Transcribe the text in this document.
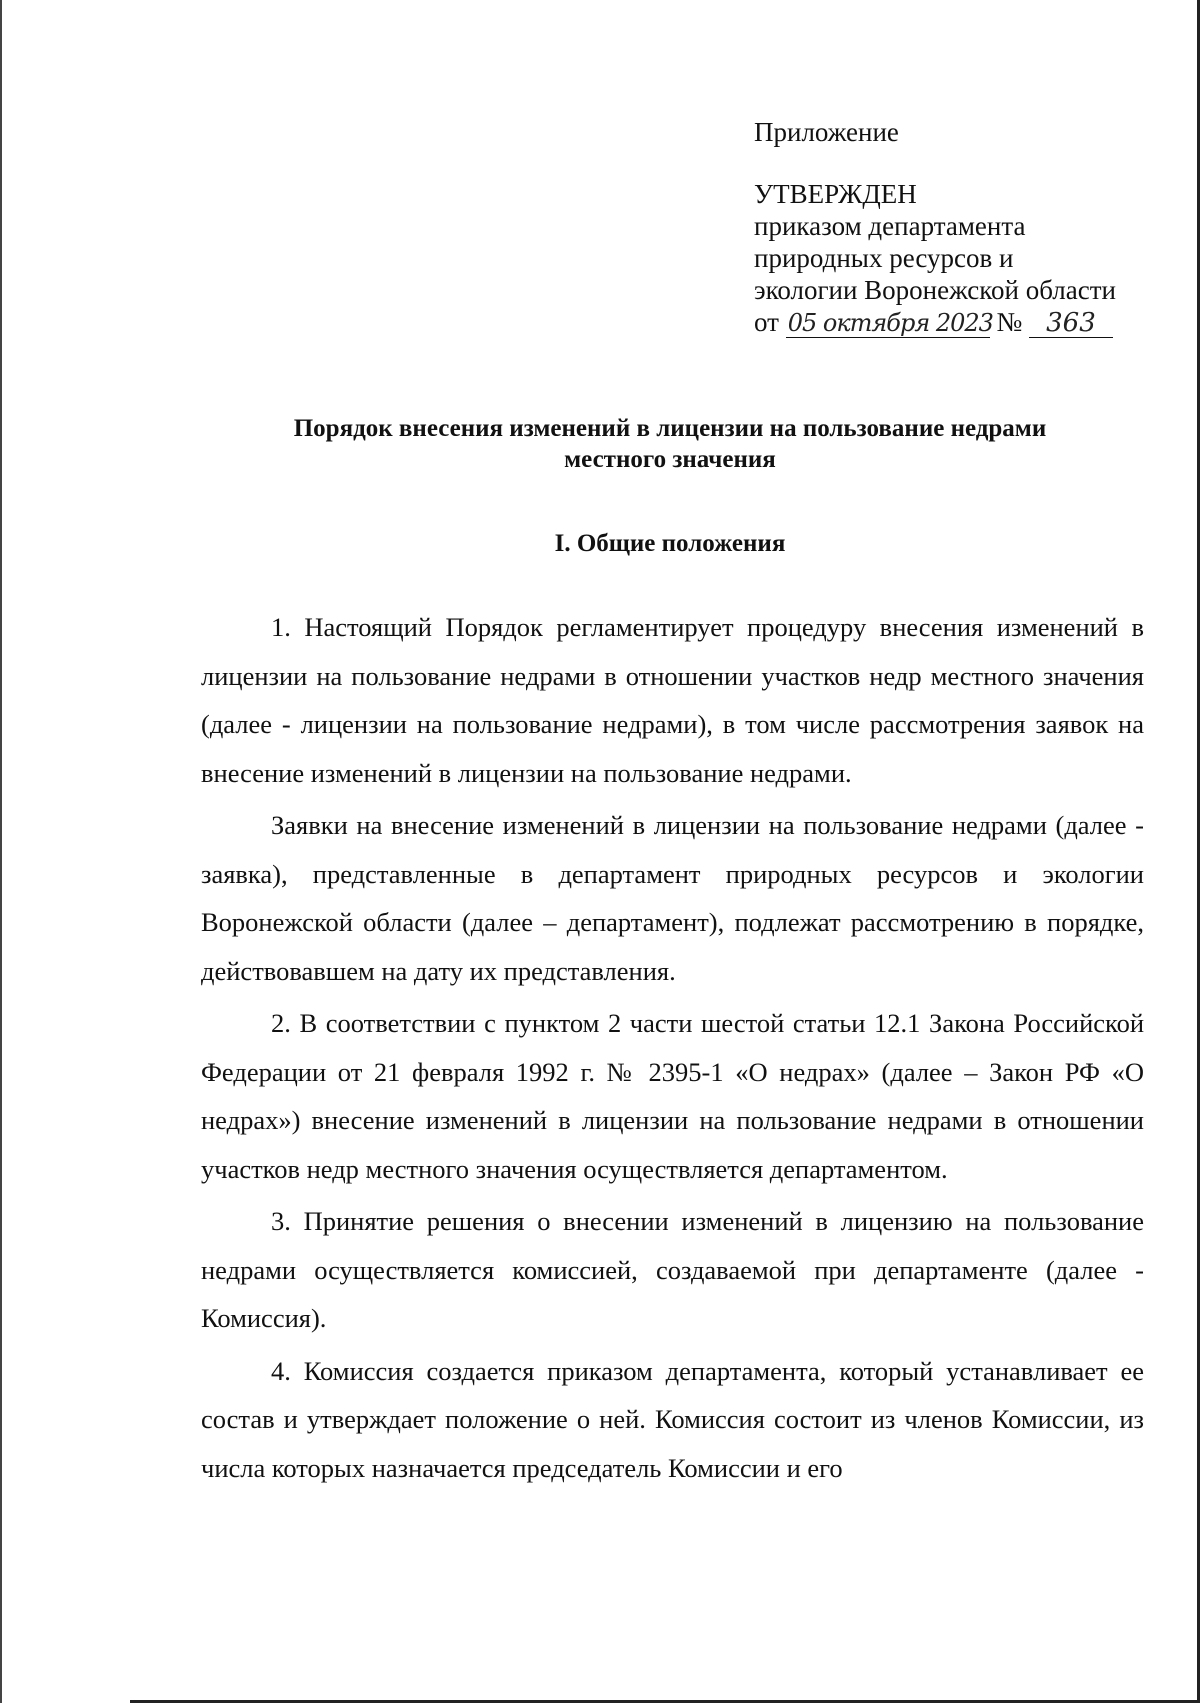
Приложение
УТВЕРЖДЕН
приказом департамента
природных ресурсов и
экологии Воронежской области
от 05 октября 2023 № 363
Порядок внесения изменений в лицензии на пользование недрами
местного значения
I. Общие положения

1. Настоящий Порядок регламентирует процедуру внесения изменений в лицензии на пользование недрами в отношении участков недр местного значения (далее - лицензии на пользование недрами), в том числе рассмотрения заявок на внесение изменений в лицензии на пользование недрами.

Заявки на внесение изменений в лицензии на пользование недрами (далее - заявка), представленные в департамент природных ресурсов и экологии Воронежской области (далее – департамент), подлежат рассмотрению в порядке, действовавшем на дату их представления.

2. В соответствии с пунктом 2 части шестой статьи 12.1 Закона Российской Федерации от 21 февраля 1992 г. № 2395-1 «О недрах» (далее – Закон РФ «О недрах») внесение изменений в лицензии на пользование недрами в отношении участков недр местного значения осуществляется департаментом.

3. Принятие решения о внесении изменений в лицензию на пользование недрами осуществляется комиссией, создаваемой при департаменте (далее - Комиссия).

4. Комиссия создается приказом департамента, который устанавливает ее состав и утверждает положение о ней. Комиссия состоит из членов Комиссии, из числа которых назначается председатель Комиссии и его
